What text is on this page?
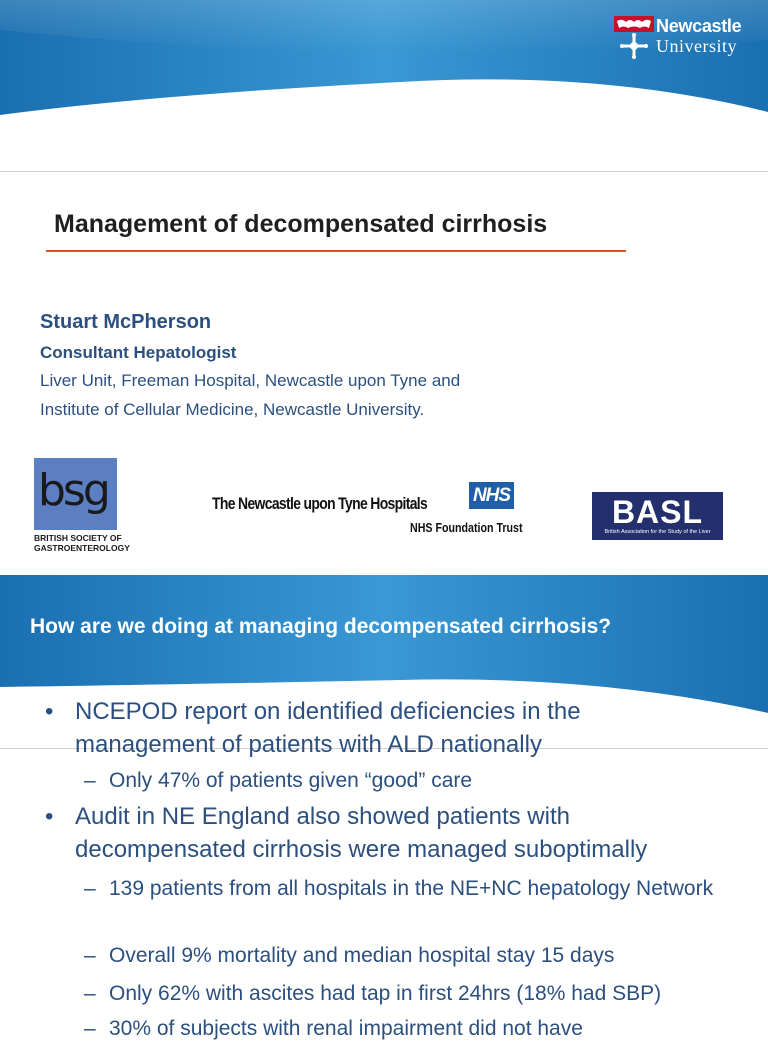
Newcastle
University
Management of decompensated cirrhosis
Stuart McPherson
Consultant Hepatologist
Liver Unit, Freeman Hospital, Newcastle upon Tyne and
Institute of Cellular Medicine, Newcastle University.
bsg
BRITISH SOCIETY OF
GASTROENTEROLOGY
The Newcastle upon Tyne Hospitals NHS
NHS Foundation Trust	BASL
British Association for the Study of the Liver
How are we doing at managing decompensated cirrhosis?
• NCEPOD report on identified deficiencies in the management of patients with ALD nationally
– Only 47% of patients given “good” care
• Audit in NE England also showed patients with decompensated cirrhosis were managed suboptimally
– 139 patients from all hospitals in the NE+NC hepatology Network
– Overall 9% mortality and median hospital stay 15 days
– Only 62% with ascites had tap in first 24hrs (18% had SBP)
– 30% of subjects with renal impairment did not have
